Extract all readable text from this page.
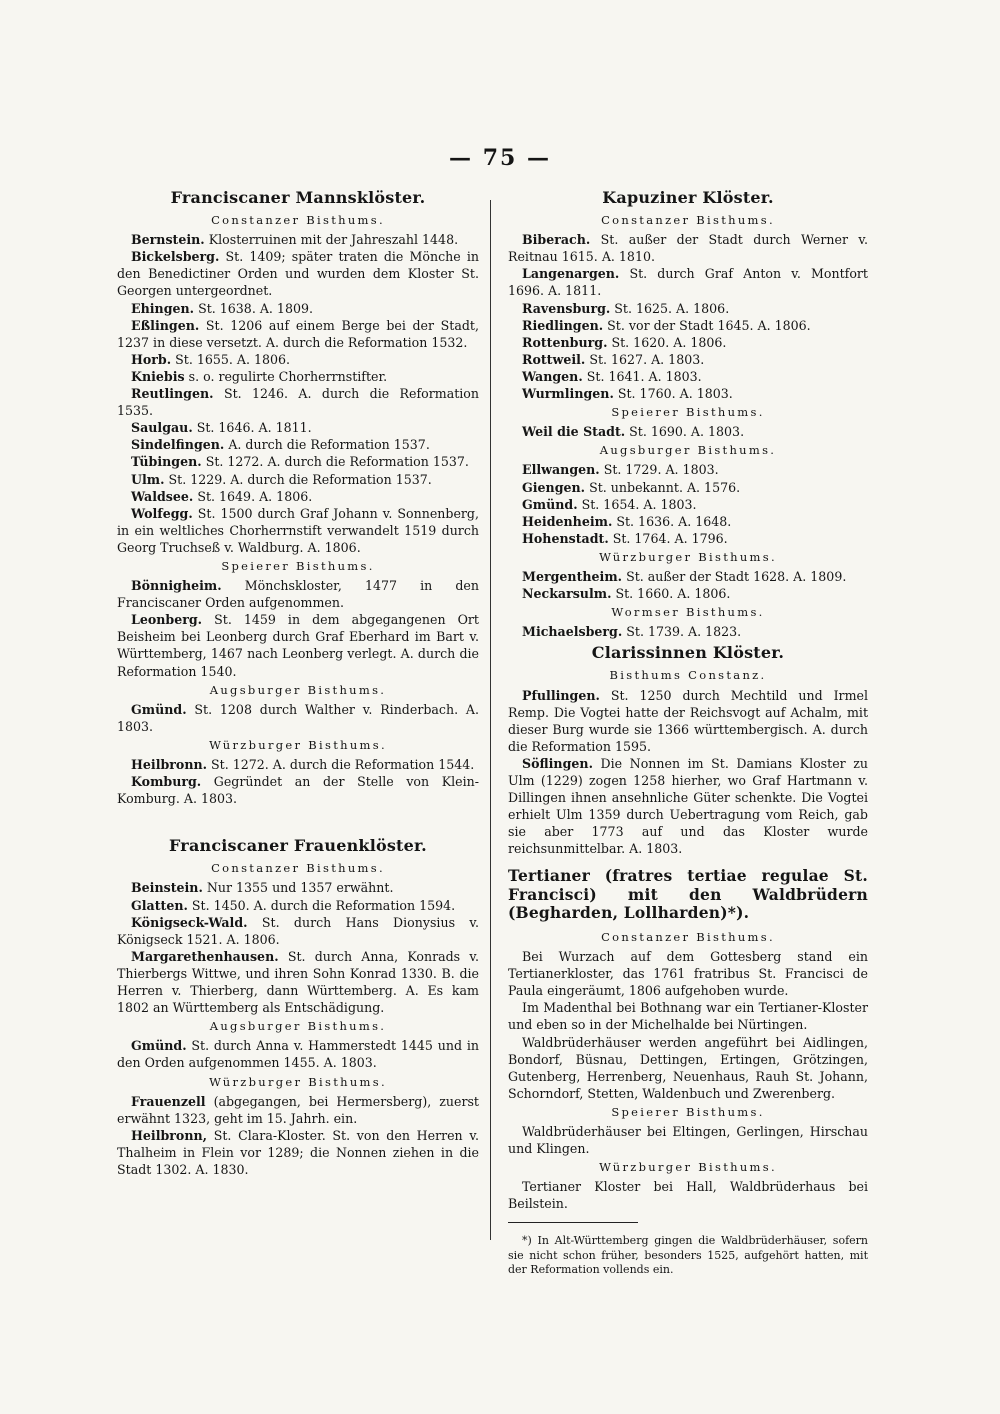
— 75 —
Franciscaner Mannsklöster.
Constanzer Bisthums.

Bernstein. Klosterruinen mit der Jahreszahl 1448.

Bickelsberg. St. 1409; später traten die Mönche in den Benedictiner Orden und wurden dem Kloster St. Georgen untergeordnet.

Ehingen. St. 1638. A. 1809.

Eßlingen. St. 1206 auf einem Berge bei der Stadt, 1237 in diese versetzt. A. durch die Reformation 1532.

Horb. St. 1655. A. 1806.

Kniebis s. o. regulirte Chorherrnstifter.

Reutlingen. St. 1246. A. durch die Reformation 1535.

Saulgau. St. 1646. A. 1811.

Sindelfingen. A. durch die Reformation 1537.

Tübingen. St. 1272. A. durch die Reformation 1537.

Ulm. St. 1229. A. durch die Reformation 1537.

Waldsee. St. 1649. A. 1806.

Wolfegg. St. 1500 durch Graf Johann v. Sonnenberg, in ein weltliches Chorherrnstift verwandelt 1519 durch Georg Truchseß v. Waldburg. A. 1806.

Speierer Bisthums.

Bönnigheim. Mönchskloster, 1477 in den Franciscaner Orden aufgenommen.

Leonberg. St. 1459 in dem abgegangenen Ort Beisheim bei Leonberg durch Graf Eberhard im Bart v. Württemberg, 1467 nach Leonberg verlegt. A. durch die Reformation 1540.

Augsburger Bisthums.

Gmünd. St. 1208 durch Walther v. Rinderbach. A. 1803.

Würzburger Bisthums.

Heilbronn. St. 1272. A. durch die Reformation 1544.

Komburg. Gegründet an der Stelle von Klein-Komburg. A. 1803.

Franciscaner Frauenklöster.
Constanzer Bisthums.

Beinstein. Nur 1355 und 1357 erwähnt.

Glatten. St. 1450. A. durch die Reformation 1594.

Königseck-Wald. St. durch Hans Dionysius v. Königseck 1521. A. 1806.

Margarethenhausen. St. durch Anna, Konrads v. Thierbergs Wittwe, und ihren Sohn Konrad 1330. B. die Herren v. Thierberg, dann Württemberg. A. Es kam 1802 an Württemberg als Entschädigung.

Augsburger Bisthums.

Gmünd. St. durch Anna v. Hammerstedt 1445 und in den Orden aufgenommen 1455. A. 1803.

Würzburger Bisthums.

Frauenzell (abgegangen, bei Hermersberg), zuerst erwähnt 1323, geht im 15. Jahrh. ein.

Heilbronn, St. Clara-Kloster. St. von den Herren v. Thalheim in Flein vor 1289; die Nonnen ziehen in die Stadt 1302. A. 1830.

Kapuziner Klöster.
Constanzer Bisthums.

Biberach. St. außer der Stadt durch Werner v. Reitnau 1615. A. 1810.

Langenargen. St. durch Graf Anton v. Montfort 1696. A. 1811.

Ravensburg. St. 1625. A. 1806.

Riedlingen. St. vor der Stadt 1645. A. 1806.

Rottenburg. St. 1620. A. 1806.

Rottweil. St. 1627. A. 1803.

Wangen. St. 1641. A. 1803.

Wurmlingen. St. 1760. A. 1803.

Speierer Bisthums.

Weil die Stadt. St. 1690. A. 1803.

Augsburger Bisthums.

Ellwangen. St. 1729. A. 1803.

Giengen. St. unbekannt. A. 1576.

Gmünd. St. 1654. A. 1803.

Heidenheim. St. 1636. A. 1648.

Hohenstadt. St. 1764. A. 1796.

Würzburger Bisthums.

Mergentheim. St. außer der Stadt 1628. A. 1809.

Neckarsulm. St. 1660. A. 1806.

Wormser Bisthums.

Michaelsberg. St. 1739. A. 1823.

Clarissinnen Klöster.
Bisthums Constanz.

Pfullingen. St. 1250 durch Mechtild und Irmel Remp. Die Vogtei hatte der Reichsvogt auf Achalm, mit dieser Burg wurde sie 1366 württembergisch. A. durch die Reformation 1595.

Söflingen. Die Nonnen im St. Damians Kloster zu Ulm (1229) zogen 1258 hierher, wo Graf Hartmann v. Dillingen ihnen ansehnliche Güter schenkte. Die Vogtei erhielt Ulm 1359 durch Uebertragung vom Reich, gab sie aber 1773 auf und das Kloster wurde reichsunmittelbar. A. 1803.

Tertianer (fratres tertiae regulae St. Francisci) mit den Waldbrüdern (Begharden, Lollharden)*).
Constanzer Bisthums.

Bei Wurzach auf dem Gottesberg stand ein Tertianerkloster, das 1761 fratribus St. Francisci de Paula eingeräumt, 1806 aufgehoben wurde.

Im Madenthal bei Bothnang war ein Tertianer-Kloster und eben so in der Michelhalde bei Nürtingen.

Waldbrüderhäuser werden angeführt bei Aidlingen, Bondorf, Büsnau, Dettingen, Ertingen, Grötzingen, Gutenberg, Herrenberg, Neuenhaus, Rauh St. Johann, Schorndorf, Stetten, Waldenbuch und Zwerenberg.

Speierer Bisthums.

Waldbrüderhäuser bei Eltingen, Gerlingen, Hirschau und Klingen.

Würzburger Bisthums.

Tertianer Kloster bei Hall, Waldbrüderhaus bei Beilstein.

*) In Alt-Württemberg gingen die Waldbrüderhäuser, sofern sie nicht schon früher, besonders 1525, aufgehört hatten, mit der Reformation vollends ein.
